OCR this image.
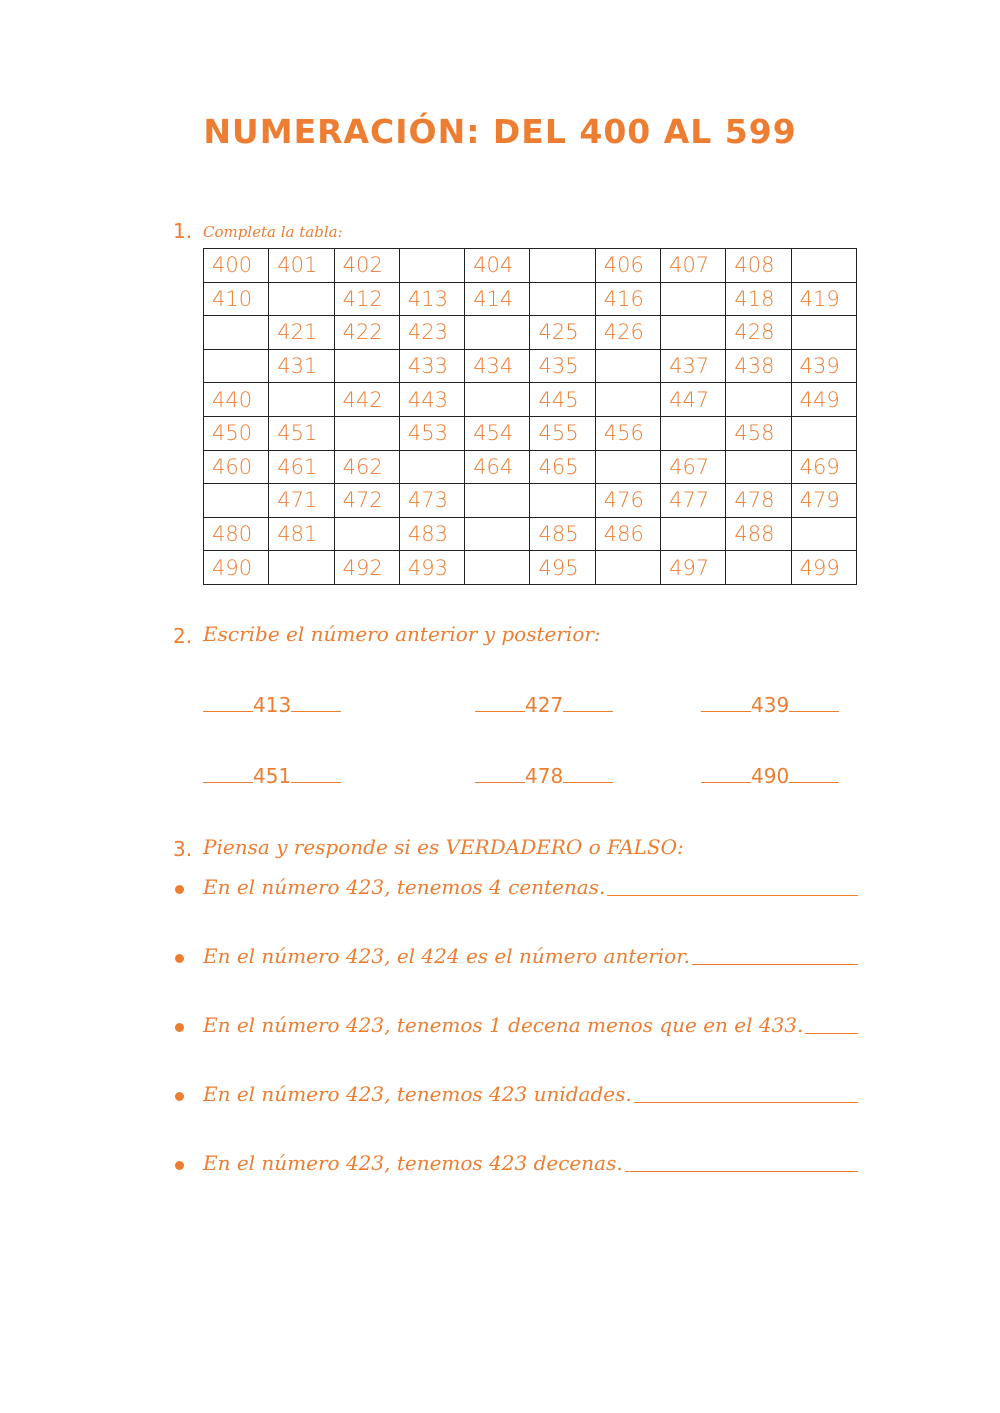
NUMERACIÓN: DEL 400 AL 599
1. Completa la tabla:
400	401	402		404		406	407	408	
410		412	413	414		416		418	419
	421	422	423		425	426		428	
	431		433	434	435		437	438	439
440		442	443		445		447		449
450	451		453	454	455	456		458	
460	461	462		464	465		467		469
	471	472	473			476	477	478	479
480	481		483		485	486		488	
490		492	493		495		497		499
2. Escribe el número anterior y posterior:
413	427	439
451	478	490
3. Piensa y responde si es VERDADERO o FALSO:
En el número 423, tenemos 4 centenas.
En el número 423, el 424 es el número anterior.
En el número 423, tenemos 1 decena menos que en el 433.
En el número 423, tenemos 423 unidades.
En el número 423, tenemos 423 decenas.
